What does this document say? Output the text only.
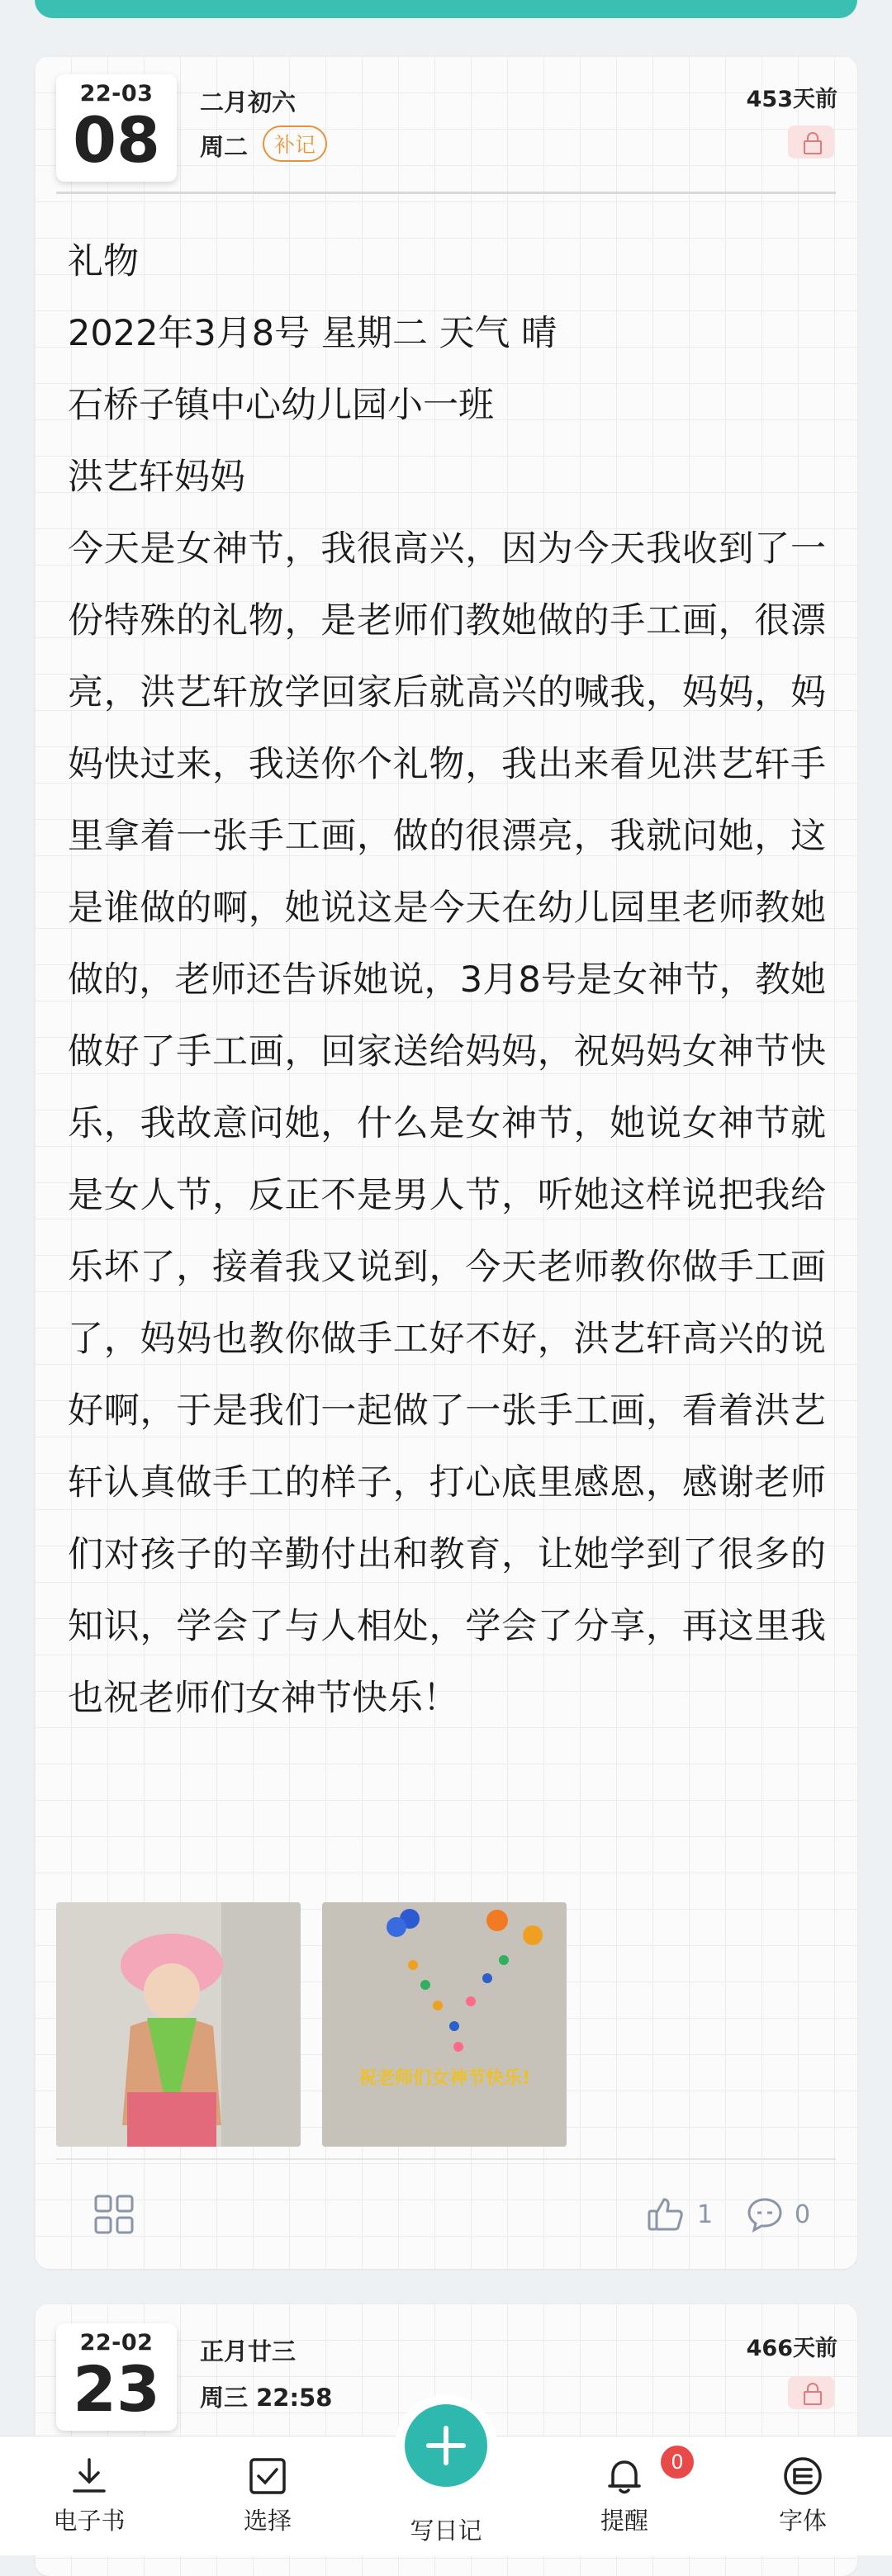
22-03
08
二月初六
周二	补记
453天前

礼物

2022年3月8号 星期二 天气 晴

石桥子镇中心幼儿园小一班

洪艺轩妈妈

今天是女神节，我很高兴，因为今天我收到了一份特殊的礼物，是老师们教她做的手工画，很漂亮，洪艺轩放学回家后就高兴的喊我，妈妈，妈妈快过来，我送你个礼物，我出来看见洪艺轩手里拿着一张手工画，做的很漂亮，我就问她，这是谁做的啊，她说这是今天在幼儿园里老师教她做的，老师还告诉她说，3月8号是女神节，教她做好了手工画，回家送给妈妈，祝妈妈女神节快乐，我故意问她，什么是女神节，她说女神节就是女人节，反正不是男人节，听她这样说把我给乐坏了，接着我又说到，今天老师教你做手工画了，妈妈也教你做手工好不好，洪艺轩高兴的说好啊，于是我们一起做了一张手工画，看着洪艺轩认真做手工的样子，打心底里感恩，感谢老师们对孩子的辛勤付出和教育，让她学到了很多的知识，学会了与人相处，学会了分享，再这里我也祝老师们女神节快乐！

祝老师们女神节快乐!
1	0
22-02
23
正月廿三
周三 22:58
466天前
电子书	选择	写日记	提醒	字体
0
